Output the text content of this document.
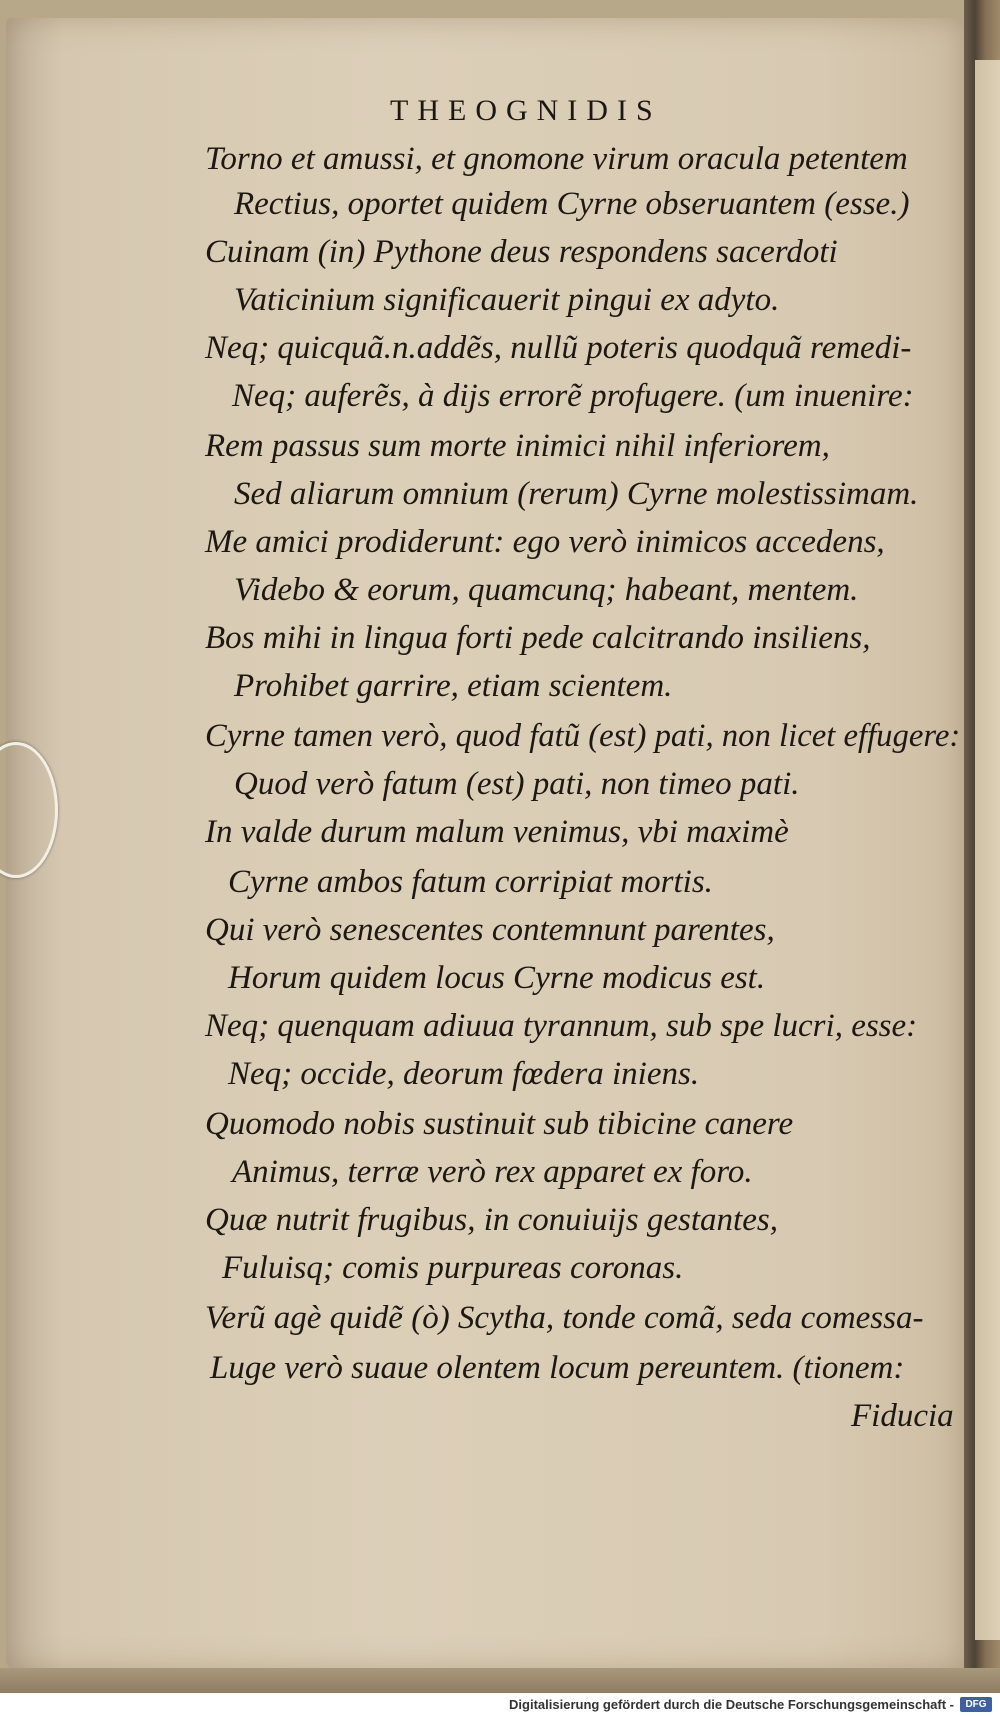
THEOGNIDIS
Torno et amussi, et gnomone virum oracula petentem
Rectius, oportet quidem Cyrne obseruantem (esse.)
Cuinam (in) Pythone deus respondens sacerdoti
Vaticinium significauerit pingui ex adyto.
Neq; quicquã.n.addẽs, nullũ poteris quodquã remedi-
Neq; auferẽs, à dijs errorẽ profugere. (um inuenire:
Rem passus sum morte inimici nihil inferiorem,
Sed aliarum omnium (rerum) Cyrne molestissimam.
Me amici prodiderunt: ego verò inimicos accedens,
Videbo & eorum, quamcunq; habeant, mentem.
Bos mihi in lingua forti pede calcitrando insiliens,
Prohibet garrire, etiam scientem.
Cyrne tamen verò, quod fatũ (est) pati, non licet effugere:
Quod verò fatum (est) pati, non timeo pati.
In valde durum malum venimus, vbi maximè
Cyrne ambos fatum corripiat mortis.
Qui verò senescentes contemnunt parentes,
Horum quidem locus Cyrne modicus est.
Neq; quenquam adiuua tyrannum, sub spe lucri, esse:
Neq; occide, deorum fœdera iniens.
Quomodo nobis sustinuit sub tibicine canere
Animus, terræ verò rex apparet ex foro.
Quæ nutrit frugibus, in conuiuijs gestantes,
Fuluisq; comis purpureas coronas.
Verũ agè quidẽ (ò) Scytha, tonde comã, seda comessa-
Luge verò suaue olentem locum pereuntem. (tionem:
Fiducia
Digitalisierung gefördert durch die Deutsche Forschungsgemeinschaft -	DFG
